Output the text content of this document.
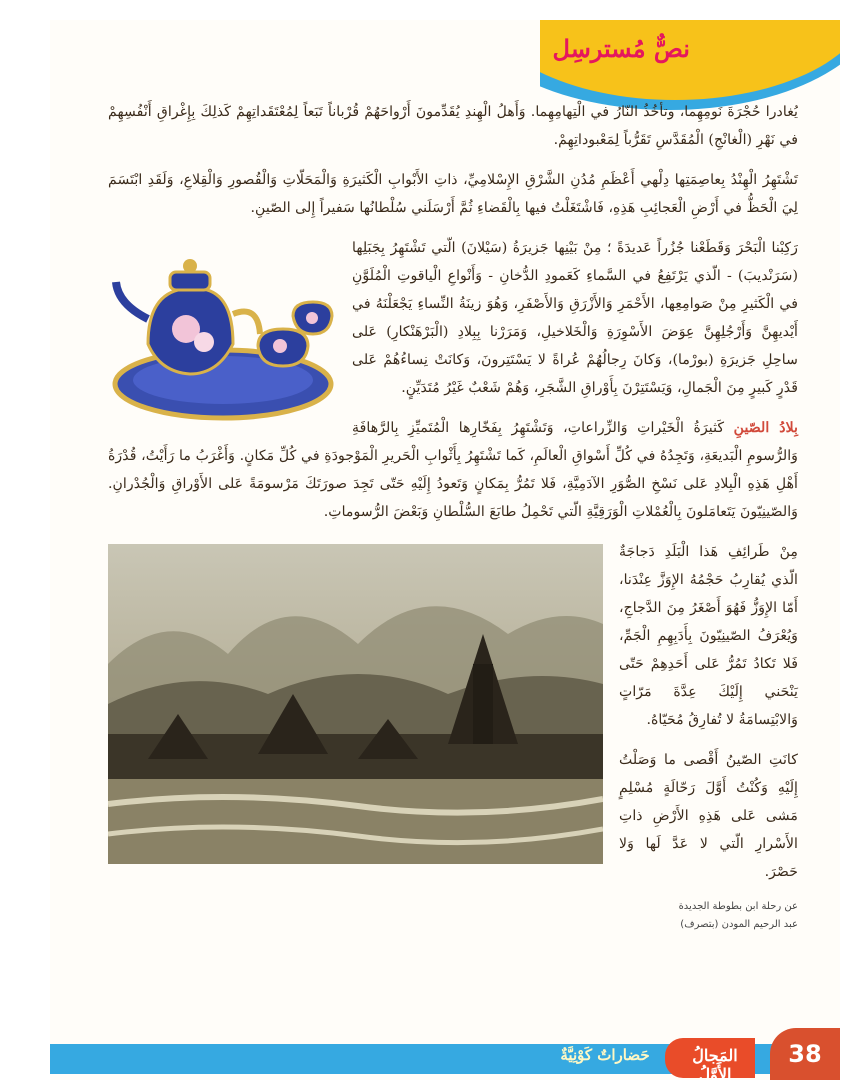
نصٌّ مُسترسِل

يُغادرا حُجْرَةَ نَومِهِما، وتأخُذُ النّارُ في الْتِهامِهِما. وَأَهلُ الْهِندِ يُقَدِّمونَ أَرْواحَهُمْ قُرْباناً تَبَعاً لِمُعْتَقَداتِهِمْ كَذلِكَ بِإِغْراقِ أَنْفُسِهِمْ في نَهْرِ (الْغانْجِ) الْمُقَدَّسِ تَقَرُّباً لِمَعْبوداتِهِمْ.

تَشْتَهِرُ الْهِنْدُ بِعاصِمَتِها دِلْهي أَعْظَمِ مُدُنِ الشَّرْقِ الإِسْلامِيِّ، ذاتِ الأَبْوابِ الْكَثيرَةِ وَالْمَحَلّاتِ وَالْقُصورِ وَالْقِلاعِ، وَلَقَدِ ابْتَسَمَ لِيَ الْحَظُّ في أَرْضِ الْعَجائِبِ هَذِهِ، فَاشْتَغَلْتُ فيها بِالْقَضاءِ ثُمَّ أَرْسَلَني سُلْطانُها سَفيراً إِلى الصّينِ.

رَكِبْنا الْبَحْرَ وَقَطَعْنا جُزُراً عَديدَةً ؛ مِنْ بَيْنِها جَزيرَةُ (سَيْلانَ) الّتي تَشْتَهِرُ بِجَبَلِها (سَرَنْديبَ) - الّذي يَرْتَفِعُ في السَّماءِ كَعَمودِ الدُّخانِ - وَأَنْواعِ الْياقوتِ الْمُلَوَّنِ في الْكَثيرِ مِنْ صَوامِعِها، الأَحْمَرِ وَالأَزْرَقِ وَالأَصْفَرِ، وَهُوَ زينَةُ النِّساءِ يَجْعَلْنَهُ في أَيْديهِنَّ وَأَرْجُلِهِنَّ عِوَضَ الأَسْوِرَةِ وَالْخَلاخيلِ، وَمَرَرْنا بِبِلادِ (الْبَرْهَنْكارِ) عَلى ساحِلِ جَزيرَةِ (بورْما)، وَكانَ رِجالُهُمْ عُراةً لا يَسْتَتِرونَ، وَكانَتْ نِساءُهُمْ عَلى قَدْرٍ كَبيرٍ مِنَ الْجَمالِ، وَيَسْتَتِرْنَ بِأَوْراقِ الشَّجَرِ، وَهُمْ شَعْبٌ غَيْرُ مُتَدَيِّنٍ.

بِلادُ الصّينِ كَثيرَةُ الْخَيْراتِ وَالزِّراعاتِ، وَتَشْتَهِرُ بِفَخّارِها الْمُتَميِّزِ بِالرَّهافَةِ وَالرُّسومِ الْبَديعَةِ، وَتَجِدُهُ في كُلِّ أَسْواقِ الْعالَمِ، كَما تَشْتَهِرُ بِأَثْوابِ الْحَريرِ الْمَوْجودَةِ في كُلِّ مَكانٍ. وَأَغْرَبُ ما رَأَيْتُ، قُدْرَةُ أَهْلِ هَذِهِ الْبِلادِ عَلى نَسْخِ الصُّوَرِ الآدَمِيَّةِ، فَلا تَمُرُّ بِمَكانٍ وَتَعودُ إِلَيْهِ حَتّى تَجِدَ صورَتَكَ مَرْسومَةً عَلى الأَوْراقِ وَالْجُدْرانِ. وَالصّينِيّونَ يَتَعامَلونَ بِالْعُمْلاتِ الْوَرَقِيَّةِ الّتي تَحْمِلُ طابَعَ السُّلْطانِ وَبَعْضَ الرُّسوماتِ.

مِنْ طَرائِفِ هَذا الْبَلَدِ دَجاجَةٌ الّذي يُقارِبُ حَجْمُهُ الإِوَزَّ عِنْدَنا، أَمّا الإِوَزُّ فَهُوَ أَصْغَرُ مِنَ الدَّجاجِ، وَيُعْرَفُ الصّينِيّونَ بِأَدَبِهِمِ الْجَمِّ، فَلا تَكادُ تَمُرُّ عَلى أَحَدِهِمْ حَتّى يَنْحَني إِلَيْكَ عِدَّةَ مَرّاتٍ وَالابْتِسامَةُ لا تُفارِقُ مُحَيّاهُ.

كانَتِ الصّينُ أَقْصى ما وَصَلْتُ إِلَيْهِ وَكُنْتُ أَوَّلَ رَحّالَةٍ مُسْلِمٍ مَشى عَلى هَذِهِ الأَرْضِ ذاتِ الأَسْرارِ الّتي لا عَدَّ لَها وَلا حَصْرَ.

عن رحلة ابن بطوطة الجديدة
عبد الرحيم المودن (بتصرف)
المَجالُ الأَوَّلُ
حَضاراتٌ كَوْنِيَّةٌ	38
